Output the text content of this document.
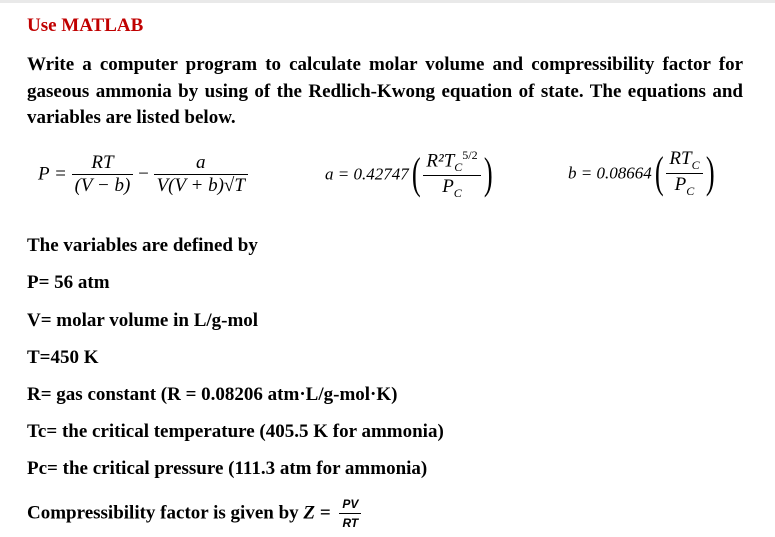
Use MATLAB
Write a computer program to calculate molar volume and compressibility factor for gaseous ammonia by using of the Redlich-Kwong equation of state. The equations and variables are listed below.
$P = \frac{RT}{(V - b)} - \frac{a}{V(V + b)√T}$	$a = 0.42747( \frac{R^2T_C^{5/2}}{P_C}$ )	$b = 0.08664( \frac{RT_C}{P_C}$ )
The variables are defined by
P= 56 atm
V= molar volume in L/g-mol
T=450 K
R= gas constant (R = 0.08206 atm·L/g-mol·K)
Tc= the critical temperature (405.5 K for ammonia)
Pc= the critical pressure (111.3 atm for ammonia)
Compressibility factor is given by $Z = \frac{PV}{RT}$
